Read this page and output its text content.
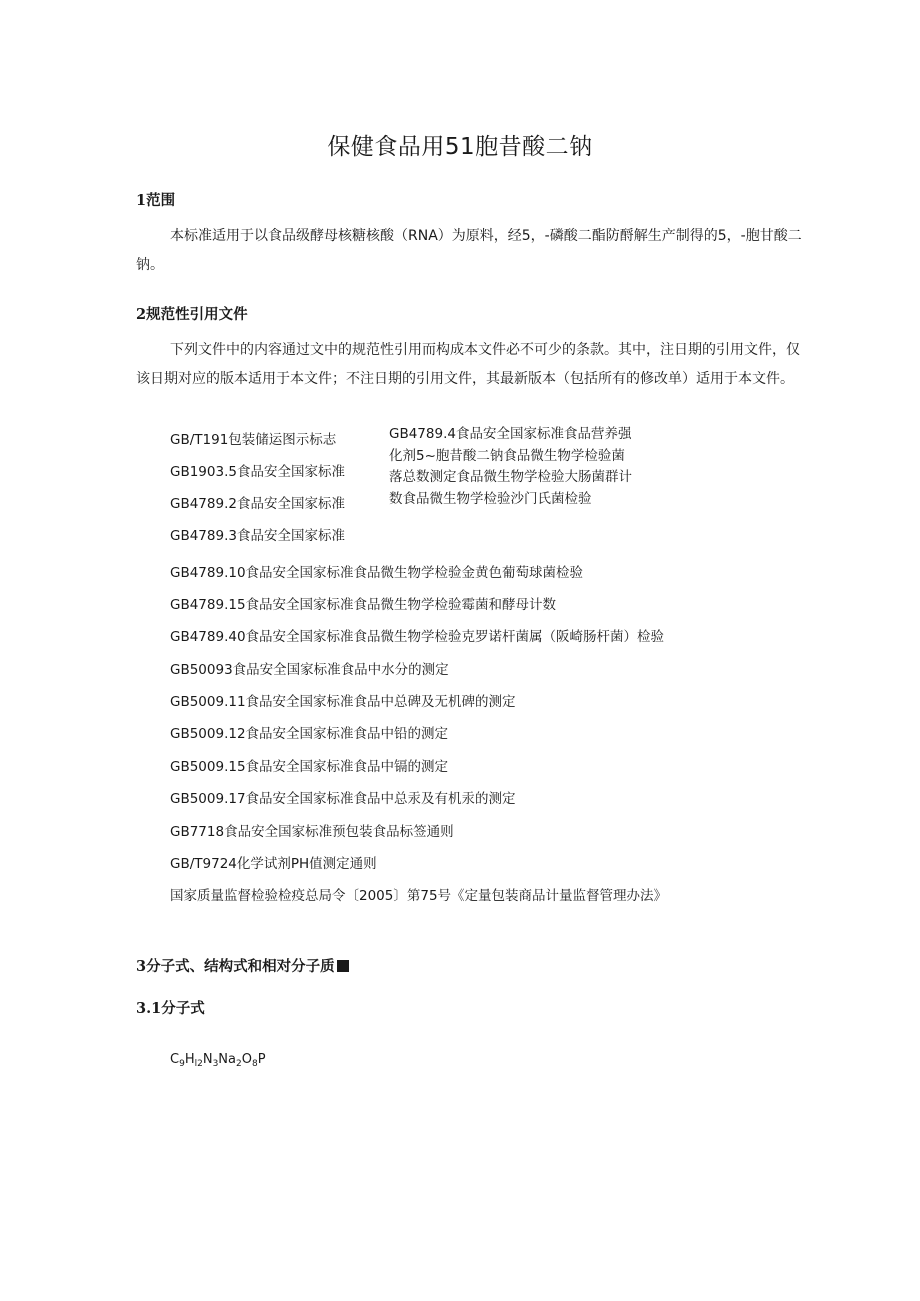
保健食品用51胞昔酸二钠
1范围
本标准适用于以食品级酵母核糖核酸（RNA）为原料，经5，-磷酸二酯防酹解生产制得的5，-胞甘酸二钠。
2规范性引用文件
下列文件中的内容通过文中的规范性引用而构成本文件必不可少的条款。其中，注日期的引用文件，仅该日期对应的版本适用于本文件；不注日期的引用文件，其最新版本（包括所有的修改单）适用于本文件。
GB/T191包装储运图示标志
GB1903.5食品安全国家标准
GB4789.2食品安全国家标准
GB4789.3食品安全国家标准
GB4789.4食品安全国家标准食品营养强化剂5~胞昔酸二钠食品微生物学检验菌落总数测定食品微生物学检验大肠菌群计数食品微生物学检验沙门氏菌检验
GB4789.10食品安全国家标准食品微生物学检验金黄色葡萄球菌检验
GB4789.15食品安全国家标准食品微生物学检验霉菌和酵母计数
GB4789.40食品安全国家标准食品微生物学检验克罗诺杆菌属（阪崎肠杆菌）检验
GB50093食品安全国家标准食品中水分的测定
GB5009.11食品安全国家标准食品中总碑及无机碑的测定
GB5009.12食品安全国家标准食品中铅的测定
GB5009.15食品安全国家标准食品中镉的测定
GB5009.17食品安全国家标准食品中总汞及有机汞的测定
GB7718食品安全国家标准预包装食品标签通则
GB/T9724化学试剂PH值测定通则
国家质量监督检验检疫总局令〔2005〕第75号《定量包装商品计量监督管理办法》
3分子式、结构式和相对分子质
3.1分子式
$C_9H_{l2}N_3Na_2O_8P$
